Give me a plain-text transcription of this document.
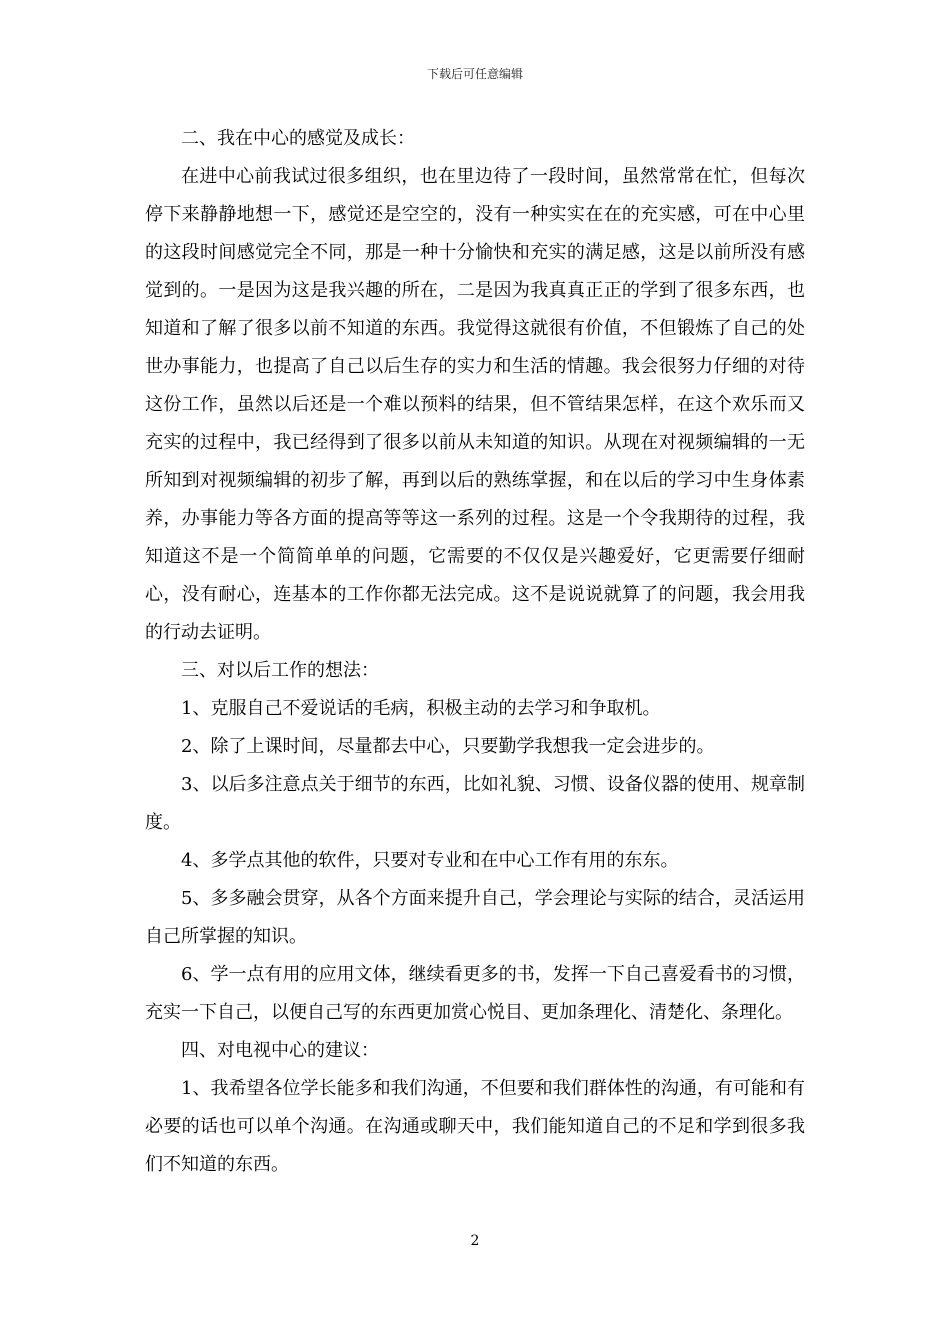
下载后可任意编辑

二、我在中心的感觉及成长：

在进中心前我试过很多组织，也在里边待了一段时间，虽然常常在忙，但每次停下来静静地想一下，感觉还是空空的，没有一种实实在在的充实感，可在中心里的这段时间感觉完全不同，那是一种十分愉快和充实的满足感，这是以前所没有感觉到的。一是因为这是我兴趣的所在，二是因为我真真正正的学到了很多东西，也知道和了解了很多以前不知道的东西。我觉得这就很有价值，不但锻炼了自己的处世办事能力，也提高了自己以后生存的实力和生活的情趣。我会很努力仔细的对待这份工作，虽然以后还是一个难以预料的结果，但不管结果怎样，在这个欢乐而又充实的过程中，我已经得到了很多以前从未知道的知识。从现在对视频编辑的一无所知到对视频编辑的初步了解，再到以后的熟练掌握，和在以后的学习中生身体素养，办事能力等各方面的提高等等这一系列的过程。这是一个令我期待的过程，我知道这不是一个简简单单的问题，它需要的不仅仅是兴趣爱好，它更需要仔细耐心，没有耐心，连基本的工作你都无法完成。这不是说说就算了的问题，我会用我的行动去证明。

三、对以后工作的想法：

1、克服自己不爱说话的毛病，积极主动的去学习和争取机。

2、除了上课时间，尽量都去中心，只要勤学我想我一定会进步的。

3、以后多注意点关于细节的东西，比如礼貌、习惯、设备仪器的使用、规章制度。

4、多学点其他的软件，只要对专业和在中心工作有用的东东。

5、多多融会贯穿，从各个方面来提升自己，学会理论与实际的结合，灵活运用自己所掌握的知识。

6、学一点有用的应用文体，继续看更多的书，发挥一下自己喜爱看书的习惯，充实一下自己，以便自己写的东西更加赏心悦目、更加条理化、清楚化、条理化。

四、对电视中心的建议：

1、我希望各位学长能多和我们沟通，不但要和我们群体性的沟通，有可能和有必要的话也可以单个沟通。在沟通或聊天中，我们能知道自己的不足和学到很多我们不知道的东西。

2
